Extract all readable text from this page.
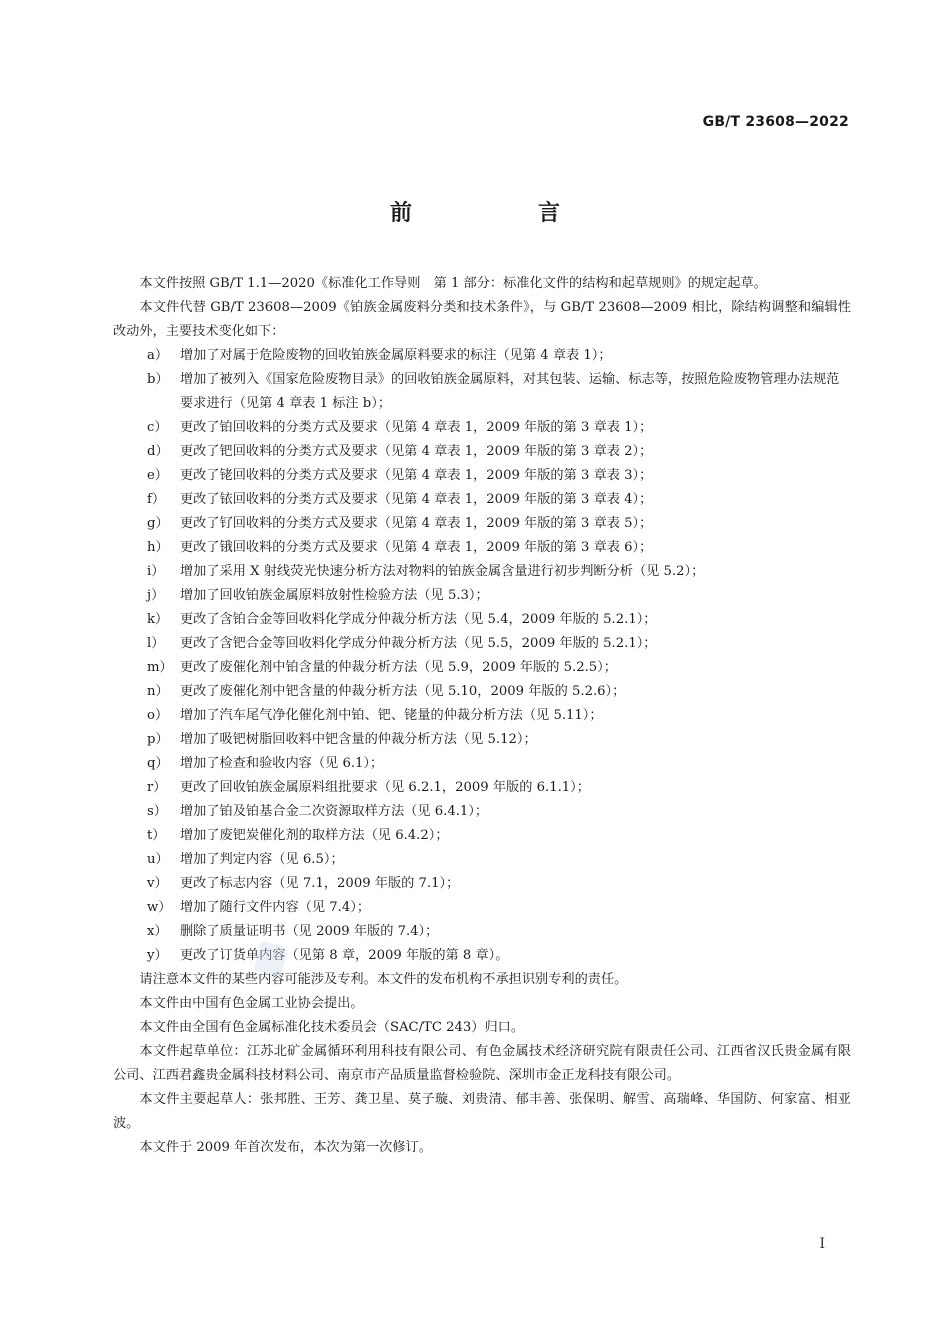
GB/T 23608—2022
前　言

本文件按照 GB/T 1.1—2020《标准化工作导则　第 1 部分：标准化文件的结构和起草规则》的规定起草。

本文件代替 GB/T 23608—2009《铂族金属废料分类和技术条件》，与 GB/T 23608—2009 相比，除结构调整和编辑性改动外，主要技术变化如下：

a） 增加了对属于危险废物的回收铂族金属原料要求的标注（见第 4 章表 1）；
b） 增加了被列入《国家危险废物目录》的回收铂族金属原料，对其包装、运输、标志等，按照危险废物管理办法规范要求进行（见第 4 章表 1 标注 b）；
c） 更改了铂回收料的分类方式及要求（见第 4 章表 1，2009 年版的第 3 章表 1）；
d） 更改了钯回收料的分类方式及要求（见第 4 章表 1，2009 年版的第 3 章表 2）；
e） 更改了铑回收料的分类方式及要求（见第 4 章表 1，2009 年版的第 3 章表 3）；
f）	更改了铱回收料的分类方式及要求（见第 4 章表 1，2009 年版的第 3 章表 4）；
g） 更改了钌回收料的分类方式及要求（见第 4 章表 1，2009 年版的第 3 章表 5）；
h） 更改了锇回收料的分类方式及要求（见第 4 章表 1，2009 年版的第 3 章表 6）；
i）	增加了采用 X 射线荧光快速分析方法对物料的铂族金属含量进行初步判断分析（见 5.2）；
j）	增加了回收铂族金属原料放射性检验方法（见 5.3）；
k） 更改了含铂合金等回收料化学成分仲裁分析方法（见 5.4，2009 年版的 5.2.1）；
l）	更改了含钯合金等回收料化学成分仲裁分析方法（见 5.5，2009 年版的 5.2.1）；
m） 更改了废催化剂中铂含量的仲裁分析方法（见 5.9，2009 年版的 5.2.5）；
n） 更改了废催化剂中钯含量的仲裁分析方法（见 5.10，2009 年版的 5.2.6）；
o） 增加了汽车尾气净化催化剂中铂、钯、铑量的仲裁分析方法（见 5.11）；
p） 增加了吸钯树脂回收料中钯含量的仲裁分析方法（见 5.12）；
q） 增加了检查和验收内容（见 6.1）；
r）	更改了回收铂族金属原料组批要求（见 6.2.1，2009 年版的 6.1.1）；
s） 增加了铂及铂基合金二次资源取样方法（见 6.4.1）；
t）	增加了废钯炭催化剂的取样方法（见 6.4.2）；
u） 增加了判定内容（见 6.5）；
v） 更改了标志内容（见 7.1，2009 年版的 7.1）；
w） 增加了随行文件内容（见 7.4）；
x） 删除了质量证明书（见 2009 年版的 7.4）；
y） 更改了订货单内容（见第 8 章，2009 年版的第 8 章）。

请注意本文件的某些内容可能涉及专利。本文件的发布机构不承担识别专利的责任。

本文件由中国有色金属工业协会提出。

本文件由全国有色金属标准化技术委员会（SAC/TC 243）归口。

本文件起草单位：江苏北矿金属循环利用科技有限公司、有色金属技术经济研究院有限责任公司、江西省汉氏贵金属有限公司、江西君鑫贵金属科技材料公司、南京市产品质量监督检验院、深圳市金正龙科技有限公司。

本文件主要起草人：张邦胜、王芳、龚卫星、莫子璇、刘贵清、郁丰善、张保明、解雪、高瑞峰、华国防、何家富、相亚波。

本文件于 2009 年首次发布，本次为第一次修订。

I
